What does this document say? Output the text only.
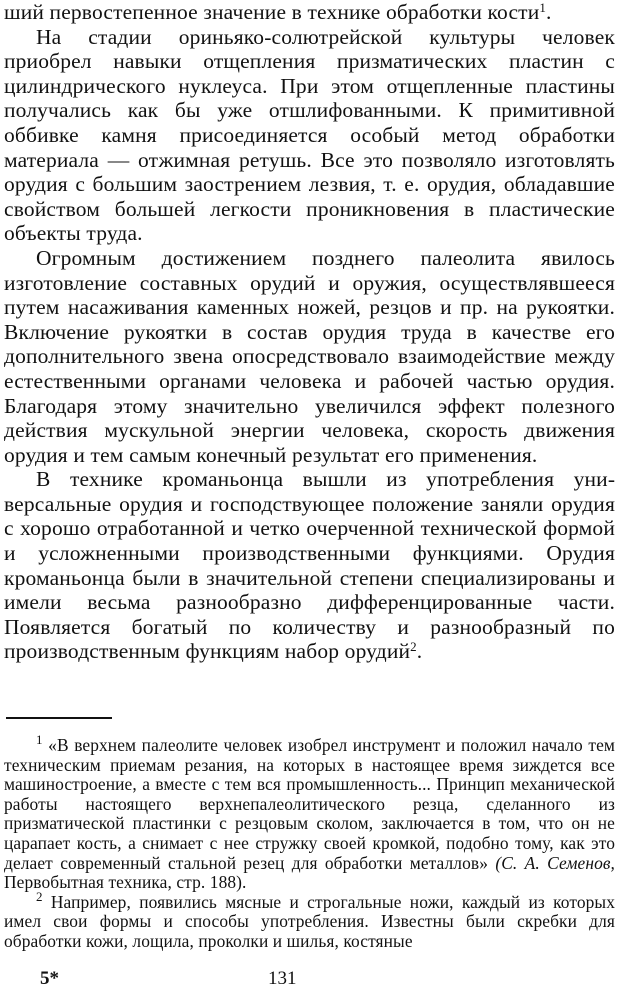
ший первостепенное значение в технике обработки кости$^1$.

На стадии ориньяко-солютрейской культуры человек приобрел навыки отщепления призматических пластин с цилиндрического нуклеуса. При этом отщепленные пластины получались как бы уже отшлифованными. К примитивной оббивке камня присоединяется особый метод обработки материала — отжимная ретушь. Все это позволяло изготовлять орудия с большим заострением лезвия, т. е. орудия, обладавшие свойством большей легкости проникновения в пластические объекты труда.

Огромным достижением позднего палеолита явилось изготовление составных орудий и оружия, осуществлявшееся путем насаживания каменных ножей, резцов и пр. на рукоятки. Включение рукоятки в состав орудия труда в качестве его дополнительного звена опосредствовало взаимодействие между естественными органами человека и рабочей частью орудия. Благодаря этому значительно увеличился эффект полезного действия мускульной энергии человека, скорость движения орудия и тем самым конечный результат его применения.

В технике кроманьонца вышли из употребления универсальные орудия и господствующее положение заняли орудия с хорошо отработанной и четко очерченной технической формой и усложненными производственными функциями. Орудия кроманьонца были в значительной степени специализированы и имели весьма разнообразно дифференцированные части. Появляется богатый по количеству и разнообразный по производственным функциям набор орудий$^2$.

$^1$ «В верхнем палеолите человек изобрел инструмент и положил начало тем техническим приемам резания, на которых в настоящее время зиждется все машиностроение, а вместе с тем вся промышленность... Принцип механической работы настоящего верхнепалеолитического резца, сделанного из призматической пластинки с резцовым сколом, заключается в том, что он не царапает кость, а снимает с нее стружку своей кромкой, подобно тому, как это делает современный стальной резец для обработки металлов» (С. А. Семенов, Первобытная техника, стр. 188).

$^2$ Например, появились мясные и строгальные ножи, каждый из которых имел свои формы и способы употребления. Известны были скребки для обработки кожи, лощила, проколки и шилья, костяные

5*	131
